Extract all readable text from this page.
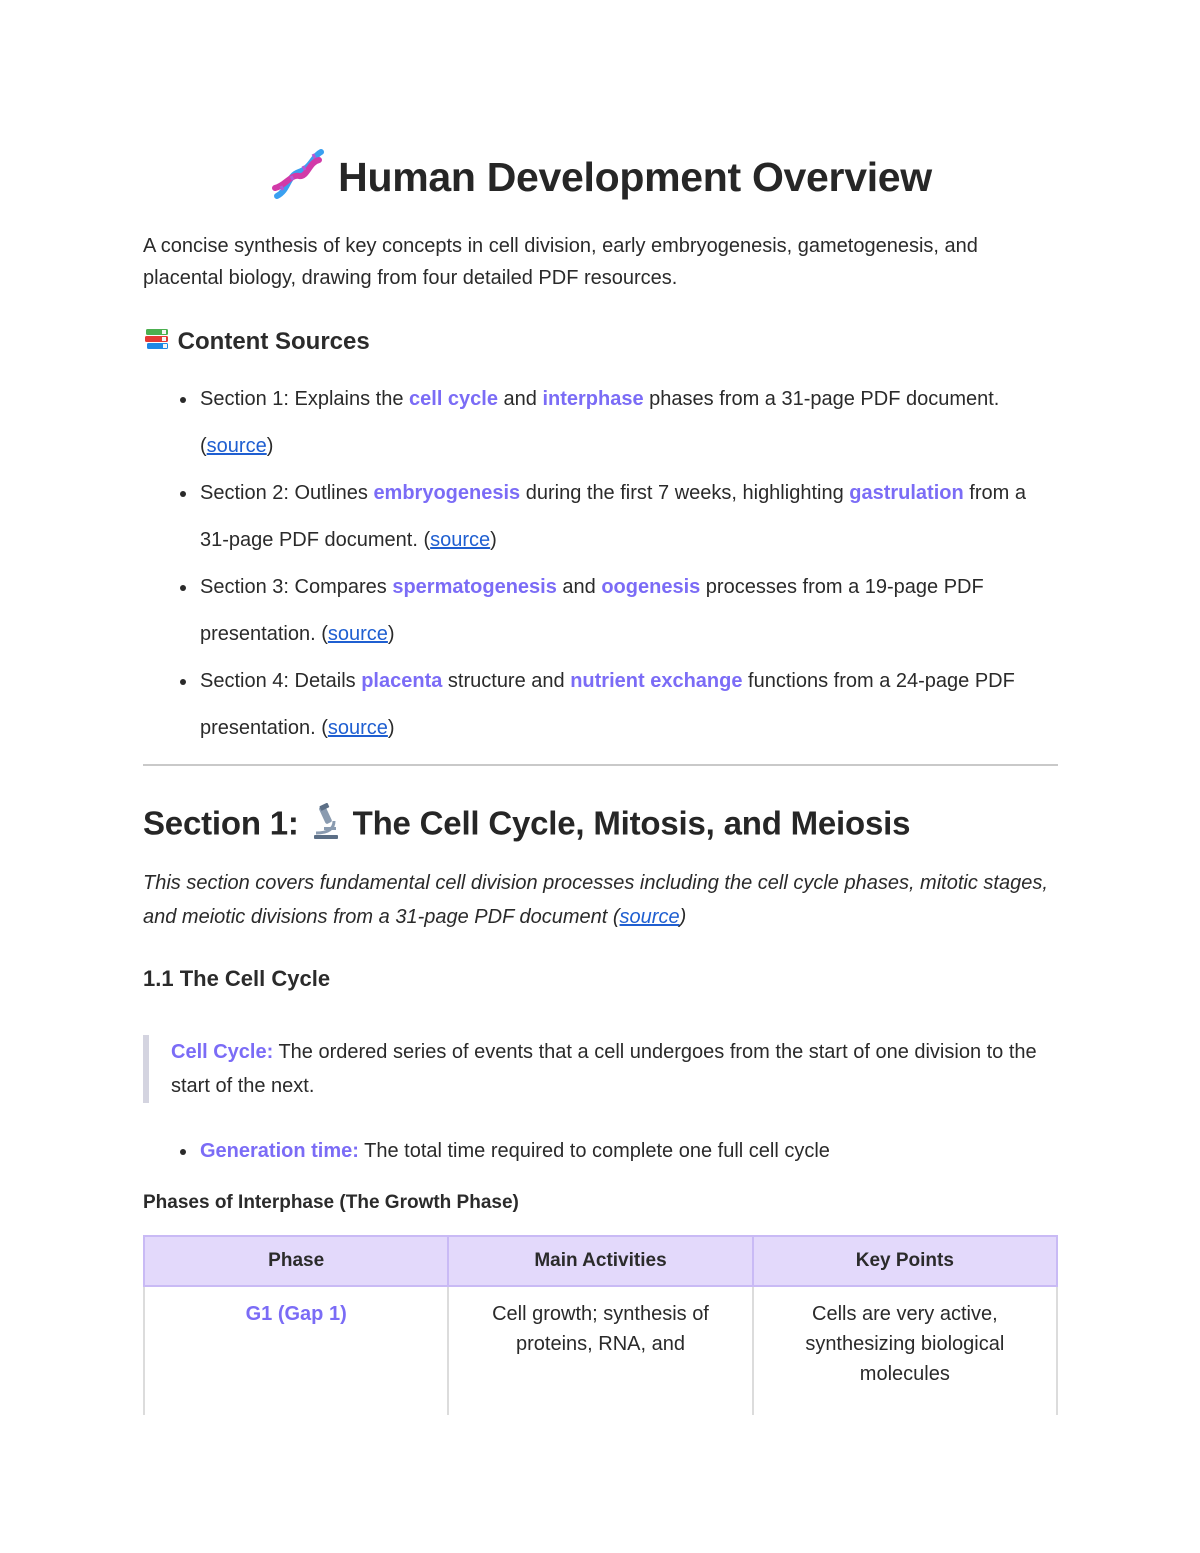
Human Development Overview

A concise synthesis of key concepts in cell division, early embryogenesis, gametogenesis, and placental biology, drawing from four detailed PDF resources.

Content Sources
Section 1: Explains the cell cycle and interphase phases from a 31-page PDF document. (source)
Section 2: Outlines embryogenesis during the first 7 weeks, highlighting gastrulation from a 31-page PDF document. (source)
Section 3: Compares spermatogenesis and oogenesis processes from a 19-page PDF presentation. (source)
Section 4: Details placenta structure and nutrient exchange functions from a 24-page PDF presentation. (source)
Section 1: The Cell Cycle, Mitosis, and Meiosis

This section covers fundamental cell division processes including the cell cycle phases, mitotic stages, and meiotic divisions from a 31-page PDF document (source)

1.1 The Cell Cycle
Cell Cycle: The ordered series of events that a cell undergoes from the start of one division to the start of the next.
Generation time: The total time required to complete one full cell cycle
Phases of Interphase (The Growth Phase)
Phase	Main Activities	Key Points
G1 (Gap 1)	Cell growth; synthesis of proteins, RNA, and	Cells are very active, synthesizing biological molecules
